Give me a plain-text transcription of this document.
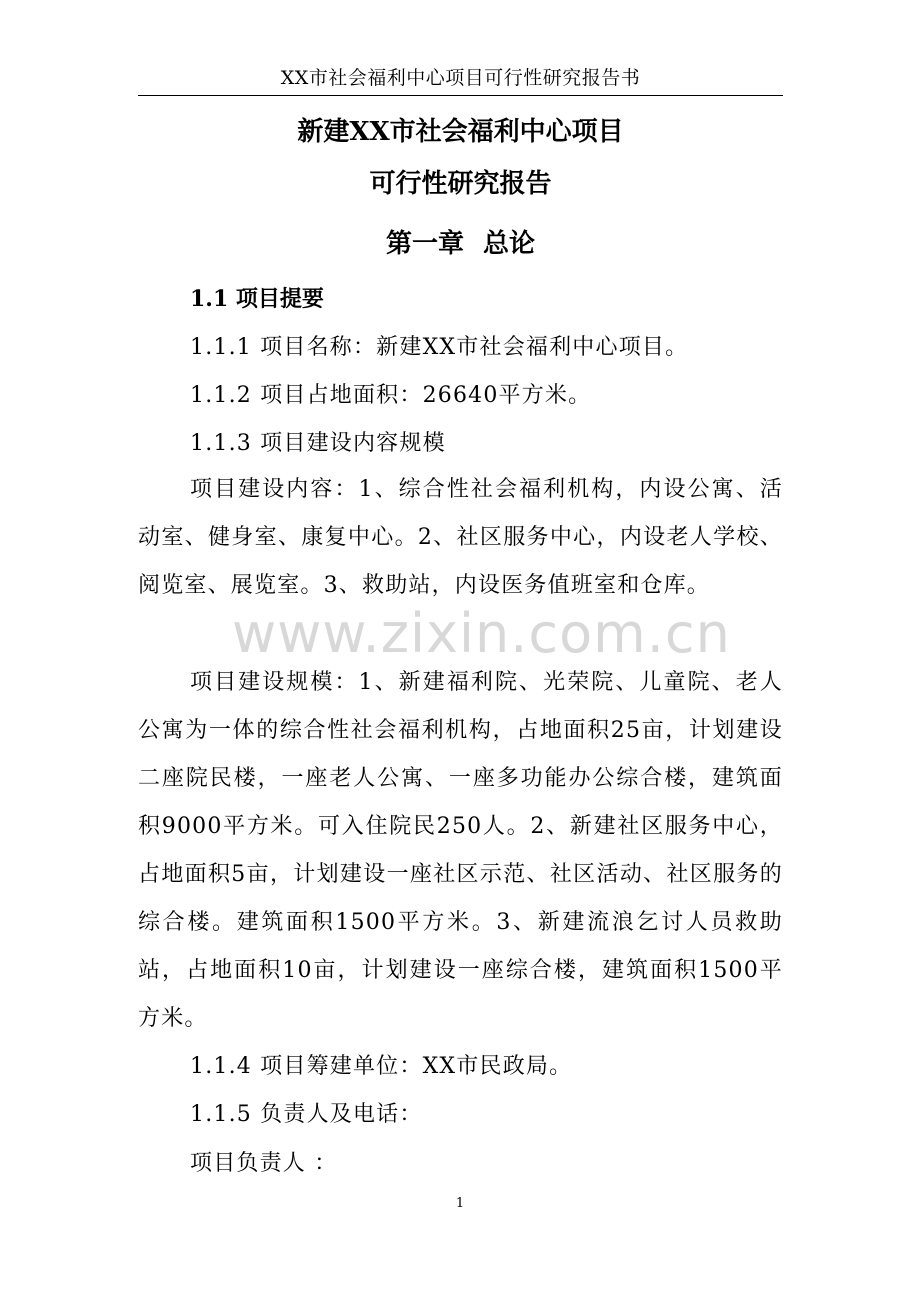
XX市社会福利中心项目可行性研究报告书
新建XX市社会福利中心项目
可行性研究报告
第一章 总论
1.1 项目提要
1.1.1 项目名称：新建XX市社会福利中心项目。
1.1.2 项目占地面积：26640平方米。
1.1.3 项目建设内容规模
项目建设内容：1、综合性社会福利机构，内设公寓、活动室、健身室、康复中心。2、社区服务中心，内设老人学校、阅览室、展览室。3、救助站，内设医务值班室和仓库。
项目建设规模：1、新建福利院、光荣院、儿童院、老人公寓为一体的综合性社会福利机构，占地面积25亩，计划建设二座院民楼，一座老人公寓、一座多功能办公综合楼，建筑面积9000平方米。可入住院民250人。2、新建社区服务中心，占地面积5亩，计划建设一座社区示范、社区活动、社区服务的综合楼。建筑面积1500平方米。3、新建流浪乞讨人员救助站，占地面积10亩，计划建设一座综合楼，建筑面积1500平方米。
1.1.4 项目筹建单位：XX市民政局。
1.1.5 负责人及电话：
项目负责人 ：
www.zixin.com.cn
1
